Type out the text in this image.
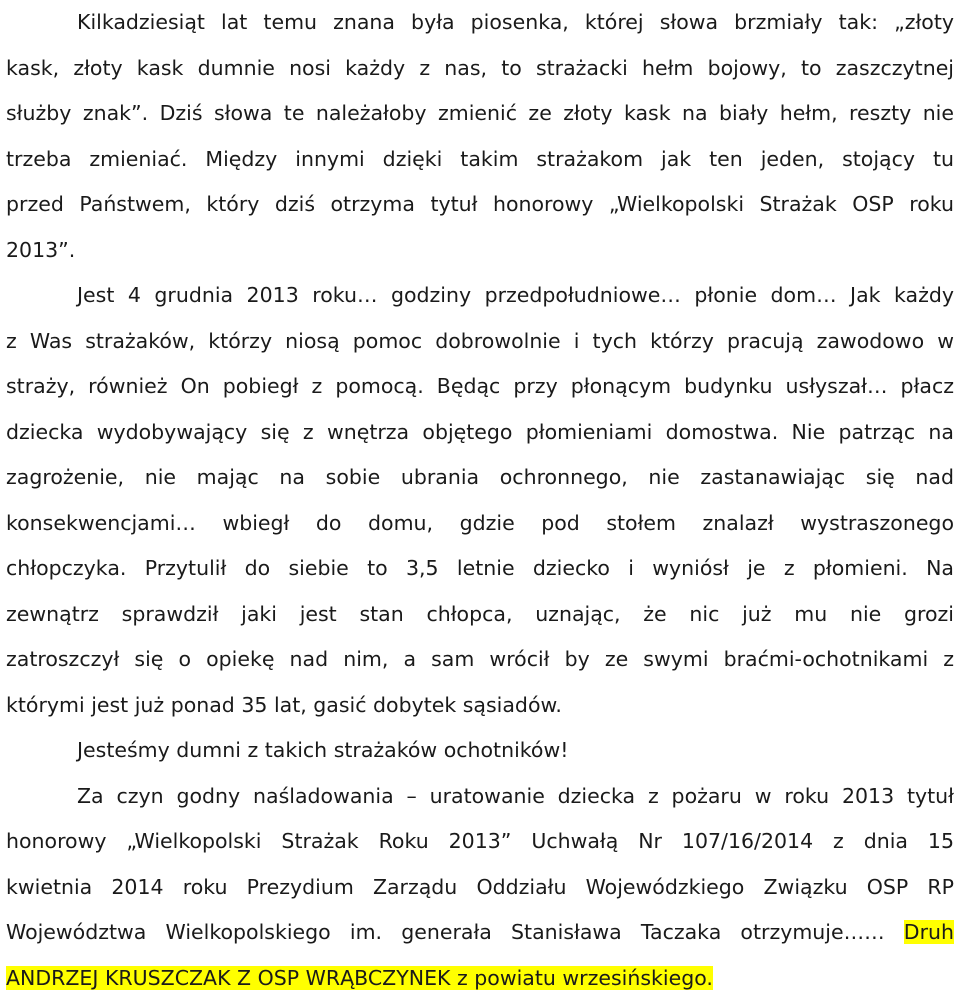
Kilkadziesiąt lat temu znana była piosenka, której słowa brzmiały tak: „złoty
kask, złoty kask dumnie nosi każdy z nas, to strażacki hełm bojowy, to zaszczytnej
służby znak”. Dziś słowa te należałoby zmienić ze złoty kask na biały hełm, reszty nie
trzeba zmieniać. Między innymi dzięki takim strażakom jak ten jeden, stojący tu
przed Państwem, który dziś otrzyma tytuł honorowy „Wielkopolski Strażak OSP roku
2013”.
Jest 4 grudnia 2013 roku… godziny przedpołudniowe… płonie dom… Jak każdy
z Was strażaków, którzy niosą pomoc dobrowolnie i tych którzy pracują zawodowo w
straży, również On pobiegł z pomocą. Będąc przy płonącym budynku usłyszał… płacz
dziecka wydobywający się z wnętrza objętego płomieniami domostwa. Nie patrząc na
zagrożenie, nie mając na sobie ubrania ochronnego, nie zastanawiając się nad
konsekwencjami… wbiegł do domu, gdzie pod stołem znalazł wystraszonego
chłopczyka. Przytulił do siebie to 3,5 letnie dziecko i wyniósł je z płomieni. Na
zewnątrz sprawdził jaki jest stan chłopca, uznając, że nic już mu nie grozi
zatroszczył się o opiekę nad nim, a sam wrócił by ze swymi braćmi-ochotnikami z
którymi jest już ponad 35 lat, gasić dobytek sąsiadów.
Jesteśmy dumni z takich strażaków ochotników!
Za czyn godny naśladowania – uratowanie dziecka z pożaru w roku 2013 tytuł
honorowy „Wielkopolski Strażak Roku 2013” Uchwałą Nr 107/16/2014 z dnia 15
kwietnia 2014 roku Prezydium Zarządu Oddziału Wojewódzkiego Związku OSP RP
Województwa Wielkopolskiego im. generała Stanisława Taczaka otrzymuje…… Druh
ANDRZEJ KRUSZCZAK Z OSP WRĄBCZYNEK z powiatu wrzesińskiego.
